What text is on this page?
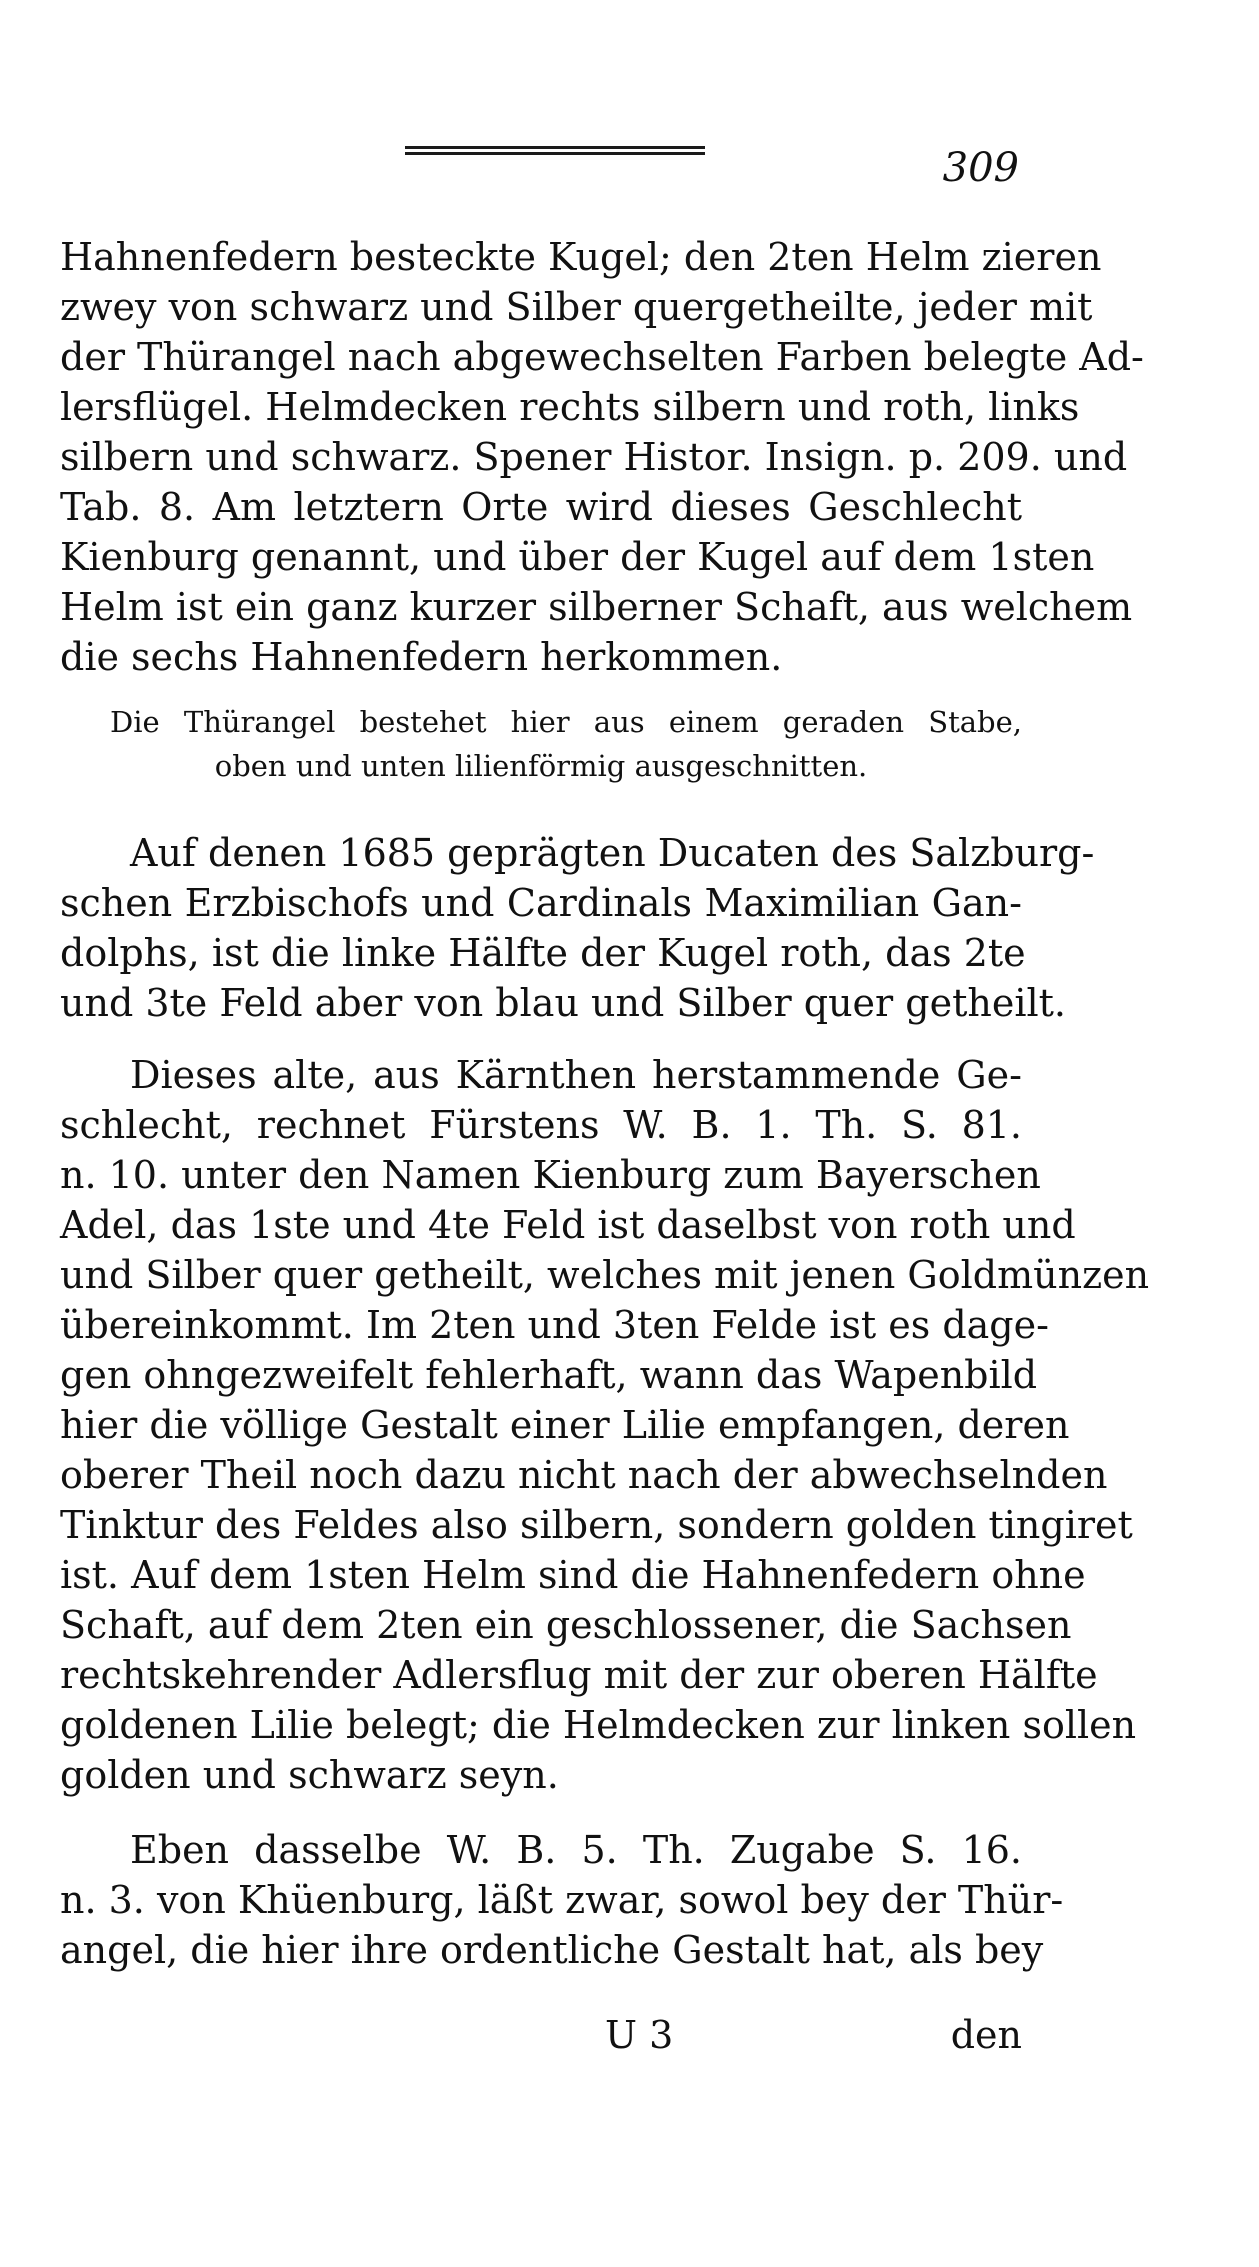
309
Hahnenfedern besteckte Kugel; den 2ten Helm zieren
zwey von schwarz und Silber quergetheilte, jeder mit
der Thürangel nach abgewechselten Farben belegte Ad-
lersflügel. Helmdecken rechts silbern und roth, links
silbern und schwarz. Spener Histor. Insign. p. 209. und
Tab. 8. Am letztern Orte wird dieses Geschlecht
Kienburg genannt, und über der Kugel auf dem 1sten
Helm ist ein ganz kurzer silberner Schaft, aus welchem
die sechs Hahnenfedern herkommen.
Die Thürangel bestehet hier aus einem geraden Stabe,
oben und unten lilienförmig ausgeschnitten.
Auf denen 1685 geprägten Ducaten des Salzburg-
schen Erzbischofs und Cardinals Maximilian Gan-
dolphs, ist die linke Hälfte der Kugel roth, das 2te
und 3te Feld aber von blau und Silber quer getheilt.
Dieses alte, aus Kärnthen herstammende Ge-
schlecht, rechnet Fürstens W. B. 1. Th. S. 81.
n. 10. unter den Namen Kienburg zum Bayerschen
Adel, das 1ste und 4te Feld ist daselbst von roth und
und Silber quer getheilt, welches mit jenen Goldmünzen
übereinkommt. Im 2ten und 3ten Felde ist es dage-
gen ohngezweifelt fehlerhaft, wann das Wapenbild
hier die völlige Gestalt einer Lilie empfangen, deren
oberer Theil noch dazu nicht nach der abwechselnden
Tinktur des Feldes also silbern, sondern golden tingiret
ist. Auf dem 1sten Helm sind die Hahnenfedern ohne
Schaft, auf dem 2ten ein geschlossener, die Sachsen
rechtskehrender Adlersflug mit der zur oberen Hälfte
goldenen Lilie belegt; die Helmdecken zur linken sollen
golden und schwarz seyn.
Eben dasselbe W. B. 5. Th. Zugabe S. 16.
n. 3. von Khüenburg, läßt zwar, sowol bey der Thür-
angel, die hier ihre ordentliche Gestalt hat, als bey
U 3	den
